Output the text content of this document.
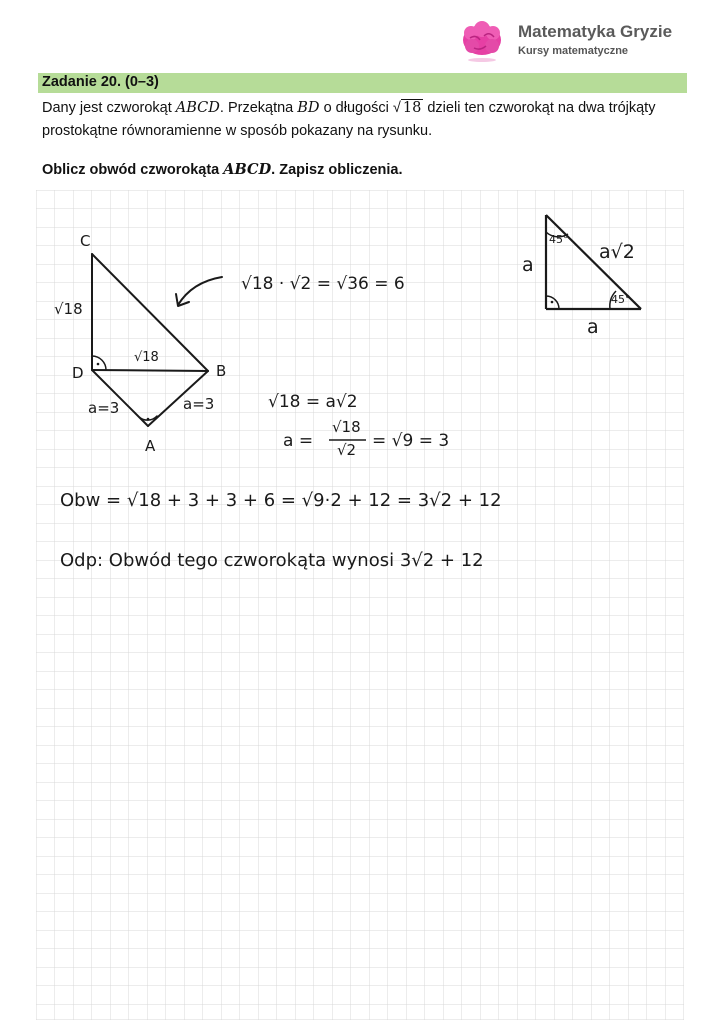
Matematyka Gryzie
Kursy matematyczne
Zadanie 20. (0–3)
Dany jest czworokąt ABCD. Przekątna BD o długości √ 18 dzieli ten czworokąt na dwa trójkąty prostokątne równoramienne w sposób pokazany na rysunku.
Oblicz obwód czworokąta ABCD. Zapisz obliczenia.
C
D	B
A
√18
√18
a=3	a=3
a
a
a√2
45°
45°
√18 · √2 = √36 = 6
√18 = a√2
a =
√18
√2 = √9 = 3
Obw = √18 + 3 + 3 + 6 = √9·2 + 12 = 3√2 + 12
Odp: Obwód tego czworokąta wynosi 3√2 + 12
